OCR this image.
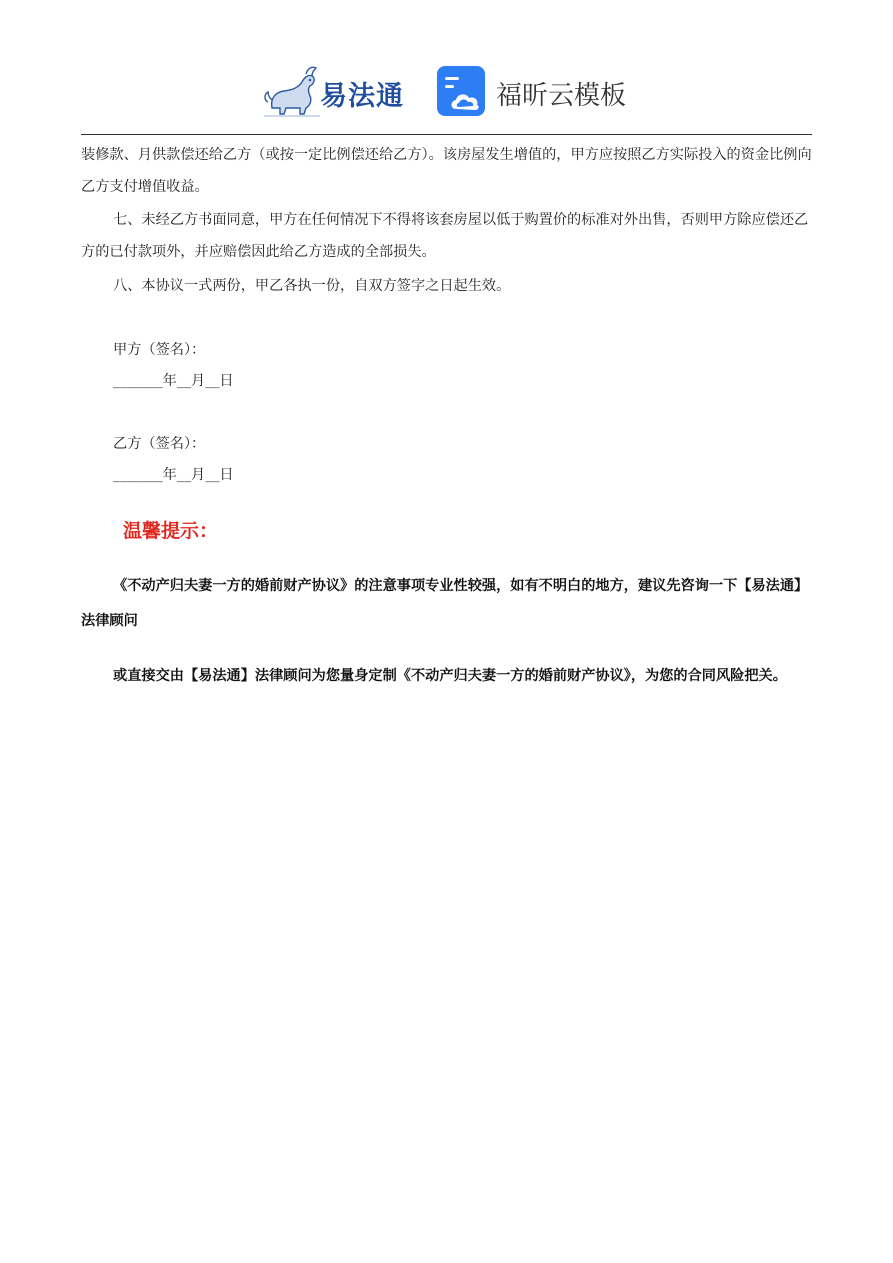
易法通	福昕云模板

装修款、月供款偿还给乙方（或按一定比例偿还给乙方）。该房屋发生增值的，甲方应按照乙方实际投入的资金比例向乙方支付增值收益。

七、未经乙方书面同意，甲方在任何情况下不得将该套房屋以低于购置价的标准对外出售，否则甲方除应偿还乙方的已付款项外，并应赔偿因此给乙方造成的全部损失。

八、本协议一式两份，甲乙各执一份，自双方签字之日起生效。

甲方（签名）：
_______年__月__日
乙方（签名）：
_______年__月__日
温馨提示：

《不动产归夫妻一方的婚前财产协议》的注意事项专业性较强，如有不明白的地方，建议先咨询一下【易法通】法律顾问

或直接交由【易法通】法律顾问为您量身定制《不动产归夫妻一方的婚前财产协议》，为您的合同风险把关。
